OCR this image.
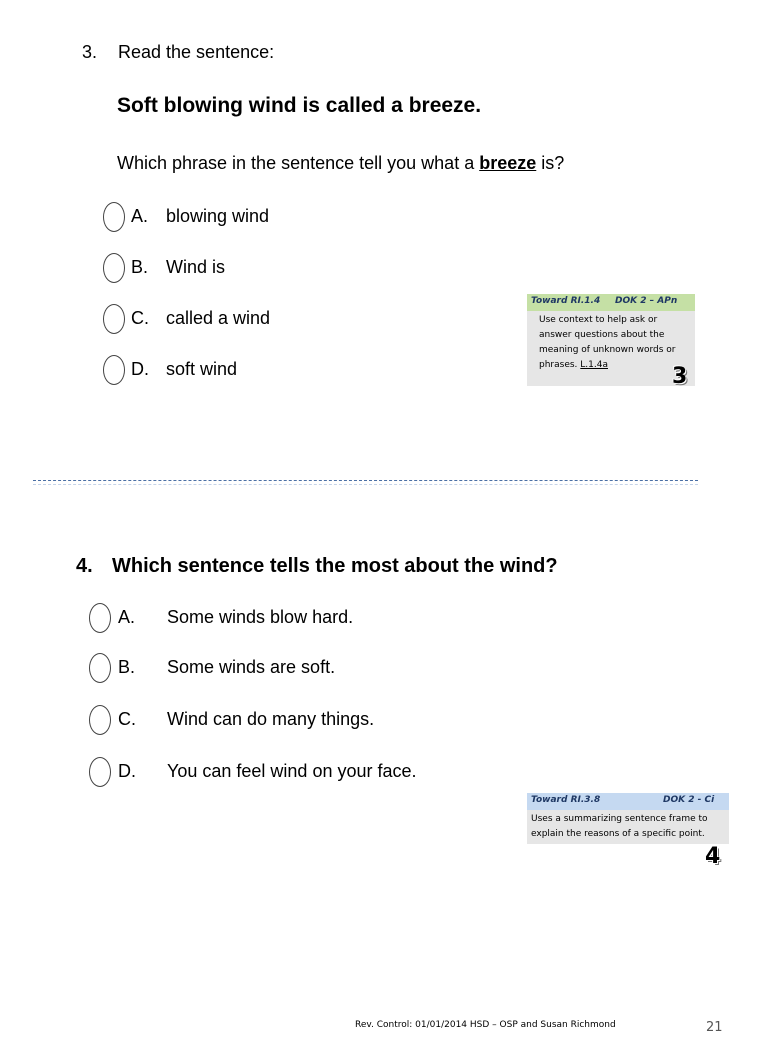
3. Read the sentence:
Soft blowing wind is called a breeze.
Which phrase in the sentence tell you what a breeze is?
A. blowing wind
B. Wind is
C. called a wind
D. soft wind
Toward RI.1.4 DOK 2 – APn
Use context to help ask or answer questions about the meaning of unknown words or phrases. L.1.4a	3
4. Which sentence tells the most about the wind?
A. Some winds blow hard.
B. Some winds are soft.
C. Wind can do many things.
D. You can feel wind on your face.
Toward RI.3.8	DOK 2 - Ci
Uses a summarizing sentence frame to explain the reasons of a specific point.
4
Rev. Control: 01/01/2014 HSD – OSP and Susan Richmond	21
